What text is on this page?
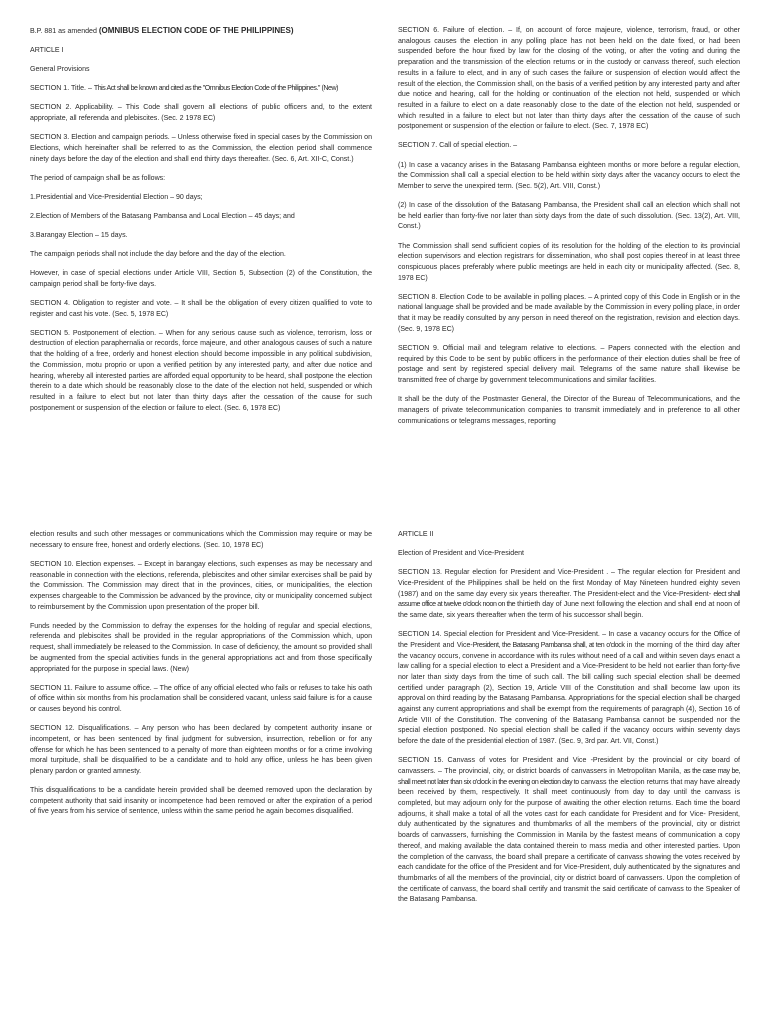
B.P. 881 as amended (OMNIBUS ELECTION CODE OF THE PHILIPPINES)

ARTICLE I

General Provisions

SECTION 1. Title. – This Act shall be known and cited as the "Omnibus Election Code of the Philippines." (New)

SECTION 2. Applicability. – This Code shall govern all elections of public officers and, to the extent appropriate, all referenda and plebiscites. (Sec. 2 1978 EC)

SECTION 3. Election and campaign periods. – Unless otherwise fixed in special cases by the Commission on Elections, which hereinafter shall be referred to as the Commission, the election period shall commence ninety days before the day of the election and shall end thirty days thereafter. (Sec. 6, Art. XII-C, Const.)

The period of campaign shall be as follows:

1.Presidential and Vice-Presidential Election – 90 days;

2.Election of Members of the Batasang Pambansa and Local Election – 45 days; and

3.Barangay Election – 15 days.

The campaign periods shall not include the day before and the day of the election.

However, in case of special elections under Article VIII, Section 5, Subsection (2) of the Constitution, the campaign period shall be forty-five days.

SECTION 4. Obligation to register and vote. – It shall be the obligation of every citizen qualified to vote to register and cast his vote. (Sec. 5, 1978 EC)

SECTION 5. Postponement of election. – When for any serious cause such as violence, terrorism, loss or destruction of election paraphernalia or records, force majeure, and other analogous causes of such a nature that the holding of a free, orderly and honest election should become impossible in any political subdivision, the Commission, motu proprio or upon a verified petition by any interested party, and after due notice and hearing, whereby all interested parties are afforded equal opportunity to be heard, shall postpone the election therein to a date which should be reasonably close to the date of the election not held, suspended or which resulted in a failure to elect but not later than thirty days after the cessation of the cause for such postponement or suspension of the election or failure to elect. (Sec. 6, 1978 EC)

SECTION 6. Failure of election. – If, on account of force majeure, violence, terrorism, fraud, or other analogous causes the election in any polling place has not been held on the date fixed, or had been suspended before the hour fixed by law for the closing of the voting, or after the voting and during the preparation and the transmission of the election returns or in the custody or canvass thereof, such election results in a failure to elect, and in any of such cases the failure or suspension of election would affect the result of the election, the Commission shall, on the basis of a verified petition by any interested party and after due notice and hearing, call for the holding or continuation of the election not held, suspended or which resulted in a failure to elect on a date reasonably close to the date of the election not held, suspended or which resulted in a failure to elect but not later than thirty days after the cessation of the cause of such postponement or suspension of the election or failure to elect. (Sec. 7, 1978 EC)

SECTION 7. Call of special election. –

(1) In case a vacancy arises in the Batasang Pambansa eighteen months or more before a regular election, the Commission shall call a special election to be held within sixty days after the vacancy occurs to elect the Member to serve the unexpired term. (Sec. 5(2), Art. VIII, Const.)

(2) In case of the dissolution of the Batasang Pambansa, the President shall call an election which shall not be held earlier than forty-five nor later than sixty days from the date of such dissolution. (Sec. 13(2), Art. VIII, Const.)

The Commission shall send sufficient copies of its resolution for the holding of the election to its provincial election supervisors and election registrars for dissemination, who shall post copies thereof in at least three conspicuous places preferably where public meetings are held in each city or municipality affected. (Sec. 8, 1978 EC)

SECTION 8. Election Code to be available in polling places. – A printed copy of this Code in English or in the national language shall be provided and be made available by the Commission in every polling place, in order that it may be readily consulted by any person in need thereof on the registration, revision and election days. (Sec. 9, 1978 EC)

SECTION 9. Official mail and telegram relative to elections. – Papers connected with the election and required by this Code to be sent by public officers in the performance of their election duties shall be free of postage and sent by registered special delivery mail. Telegrams of the same nature shall likewise be transmitted free of charge by government telecommunications and similar facilities.

It shall be the duty of the Postmaster General, the Director of the Bureau of Telecommunications, and the managers of private telecommunication companies to transmit immediately and in preference to all other communications or telegrams messages, reporting

election results and such other messages or communications which the Commission may require or may be necessary to ensure free, honest and orderly elections. (Sec. 10, 1978 EC)

SECTION 10. Election expenses. – Except in barangay elections, such expenses as may be necessary and reasonable in connection with the elections, referenda, plebiscites and other similar exercises shall be paid by the Commission. The Commission may direct that in the provinces, cities, or municipalities, the election expenses chargeable to the Commission be advanced by the province, city or municipality concerned subject to reimbursement by the Commission upon presentation of the proper bill.

Funds needed by the Commission to defray the expenses for the holding of regular and special elections, referenda and plebiscites shall be provided in the regular appropriations of the Commission which, upon request, shall immediately be released to the Commission. In case of deficiency, the amount so provided shall be augmented from the special activities funds in the general appropriations act and from those specifically appropriated for the purpose in special laws. (New)

SECTION 11. Failure to assume office. – The office of any official elected who fails or refuses to take his oath of office within six months from his proclamation shall be considered vacant, unless said failure is for a cause or causes beyond his control.

SECTION 12. Disqualifications. – Any person who has been declared by competent authority insane or incompetent, or has been sentenced by final judgment for subversion, insurrection, rebellion or for any offense for which he has been sentenced to a penalty of more than eighteen months or for a crime involving moral turpitude, shall be disqualified to be a candidate and to hold any office, unless he has been given plenary pardon or granted amnesty.

This disqualifications to be a candidate herein provided shall be deemed removed upon the declaration by competent authority that said insanity or incompetence had been removed or after the expiration of a period of five years from his service of sentence, unless within the same period he again becomes disqualified.

ARTICLE II

Election of President and Vice-President

SECTION 13. Regular election for President and Vice-President . – The regular election for President and Vice-President of the Philippines shall be held on the first Monday of May Nineteen hundred eighty seven (1987) and on the same day every six years thereafter. The President-elect and the Vice-President- elect shall assume office at twelve o'clock noon on the thirtieth day of June next following the election and shall end at noon of the same date, six years thereafter when the term of his successor shall begin.

SECTION 14. Special election for President and Vice-President. – In case a vacancy occurs for the Office of the President and Vice-President, the Batasang Pambansa shall, at ten o'clock in the morning of the third day after the vacancy occurs, convene in accordance with its rules without need of a call and within seven days enact a law calling for a special election to elect a President and a Vice-President to be held not earlier than forty-five nor later than sixty days from the time of such call. The bill calling such special election shall be deemed certified under paragraph (2), Section 19, Article VIII of the Constitution and shall become law upon its approval on third reading by the Batasang Pambansa. Appropriations for the special election shall be charged against any current appropriations and shall be exempt from the requirements of paragraph (4), Section 16 of Article VIII of the Constitution. The convening of the Batasang Pambansa cannot be suspended nor the special election postponed. No special election shall be called if the vacancy occurs within seventy days before the date of the presidential election of 1987. (Sec. 9, 3rd par. Art. VII, Const.)

SECTION 15. Canvass of votes for President and Vice -President by the provincial or city board of canvassers. – The provincial, city, or district boards of canvassers in Metropolitan Manila, as the case may be, shall meet not later than six o'clock in the evening on election day to canvass the election returns that may have already been received by them, respectively. It shall meet continuously from day to day until the canvass is completed, but may adjourn only for the purpose of awaiting the other election returns. Each time the board adjourns, it shall make a total of all the votes cast for each candidate for President and for Vice- President, duly authenticated by the signatures and thumbmarks of all the members of the provincial, city or district boards of canvassers, furnishing the Commission in Manila by the fastest means of communication a copy thereof, and making available the data contained therein to mass media and other interested parties. Upon the completion of the canvass, the board shall prepare a certificate of canvass showing the votes received by each candidate for the office of the President and for Vice-President, duly authenticated by the signatures and thumbmarks of all the members of the provincial, city or district board of canvassers. Upon the completion of the certificate of canvass, the board shall certify and transmit the said certificate of canvass to the Speaker of the Batasang Pambansa.
